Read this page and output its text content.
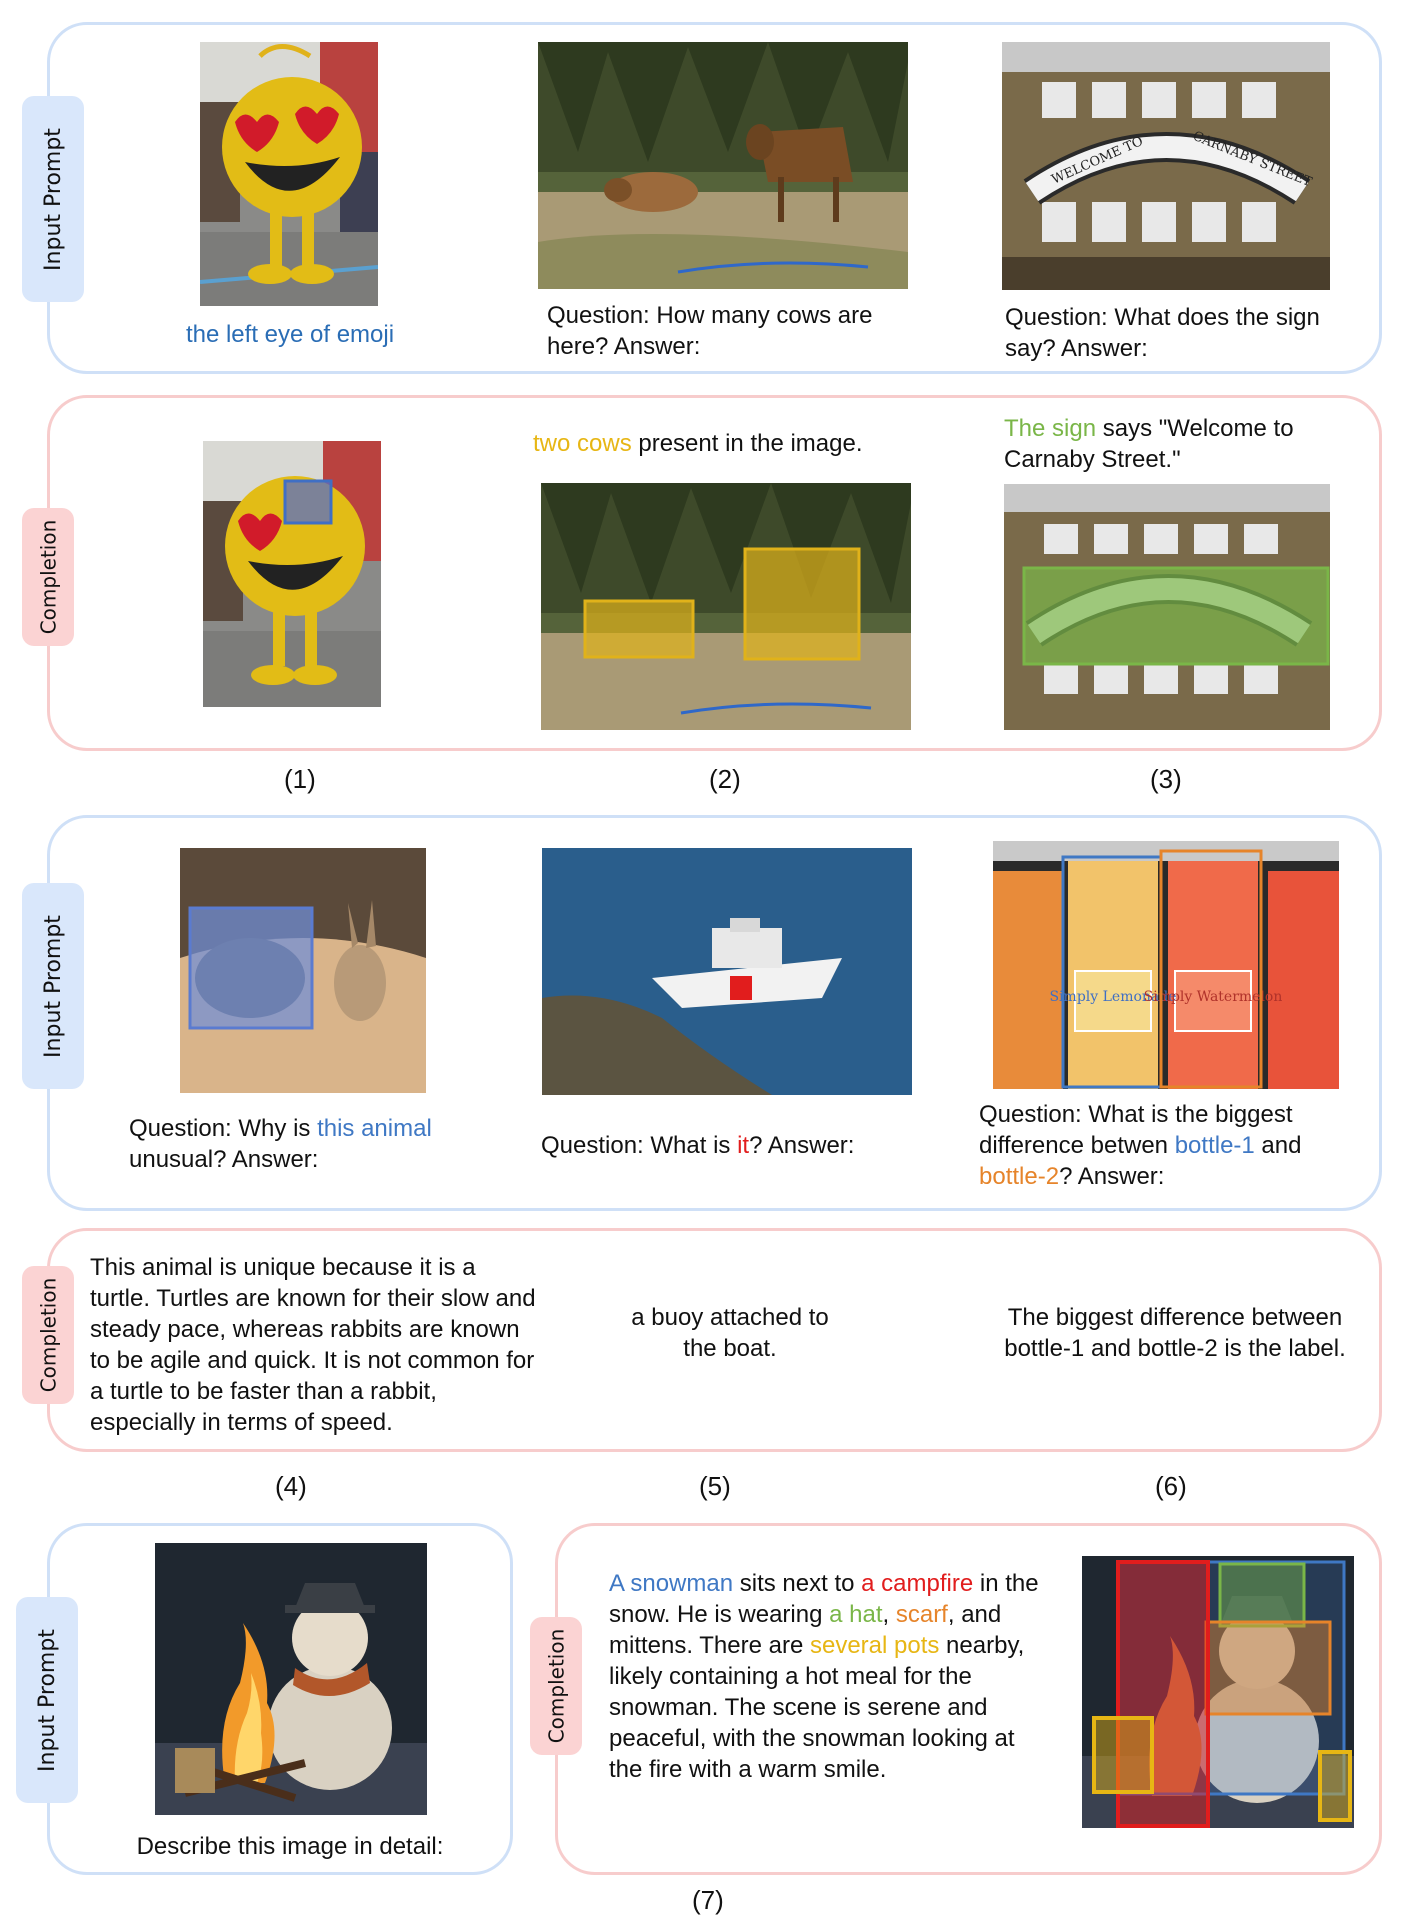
Input Prompt
the left eye of emoji
Question: How many cows are here? Answer:
WELCOME TO	CARNABY STREET
Question: What does the sign say? Answer:
Completion
two cows present in the image.
The sign says "Welcome to Carnaby Street."
(1)	(2)	(3)
Input Prompt
Question: Why is this animal unusual? Answer:
Question: What is it? Answer:
Simply Lemonade
Simply Watermelon
Question: What is the biggest difference betwen bottle-1 and bottle-2? Answer:
Completion
This animal is unique because it is a turtle. Turtles are known for their slow and steady pace, whereas rabbits are known to be agile and quick. It is not common for a turtle to be faster than a rabbit, especially in terms of speed.
a buoy attached to the boat.
The biggest difference between bottle-1 and bottle-2 is the label.
(4)	(5)	(6)
Input Prompt
Describe this image in detail:
Completion
A snowman sits next to a campfire in the snow. He is wearing a hat, scarf, and mittens. There are several pots nearby, likely containing a hot meal for the snowman. The scene is serene and peaceful, with the snowman looking at the fire with a warm smile.
(7)
